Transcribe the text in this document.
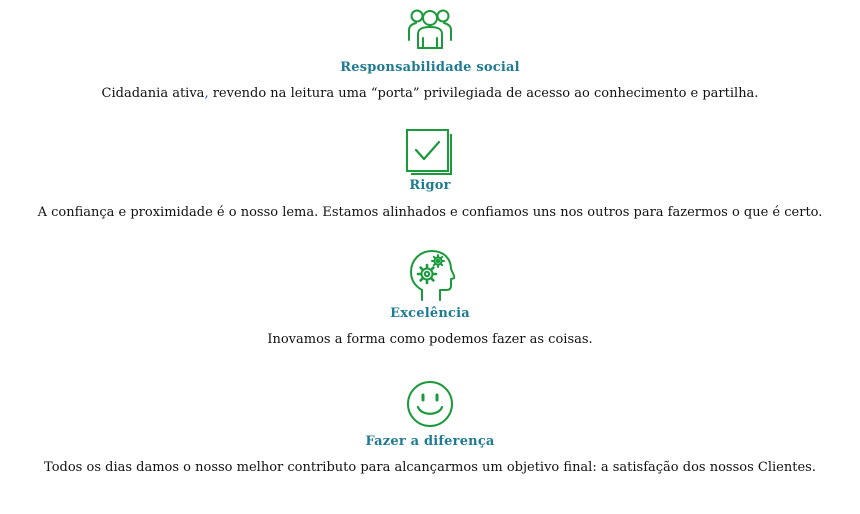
Responsabilidade social
Cidadania ativa, revendo na leitura uma “porta” privilegiada de acesso ao conhecimento e partilha.
Rigor
A confiança e proximidade é o nosso lema. Estamos alinhados e confiamos uns nos outros para fazermos o que é certo.
Excelência
Inovamos a forma como podemos fazer as coisas.
Fazer a diferença
Todos os dias damos o nosso melhor contributo para alcançarmos um objetivo final: a satisfação dos nossos Clientes.
